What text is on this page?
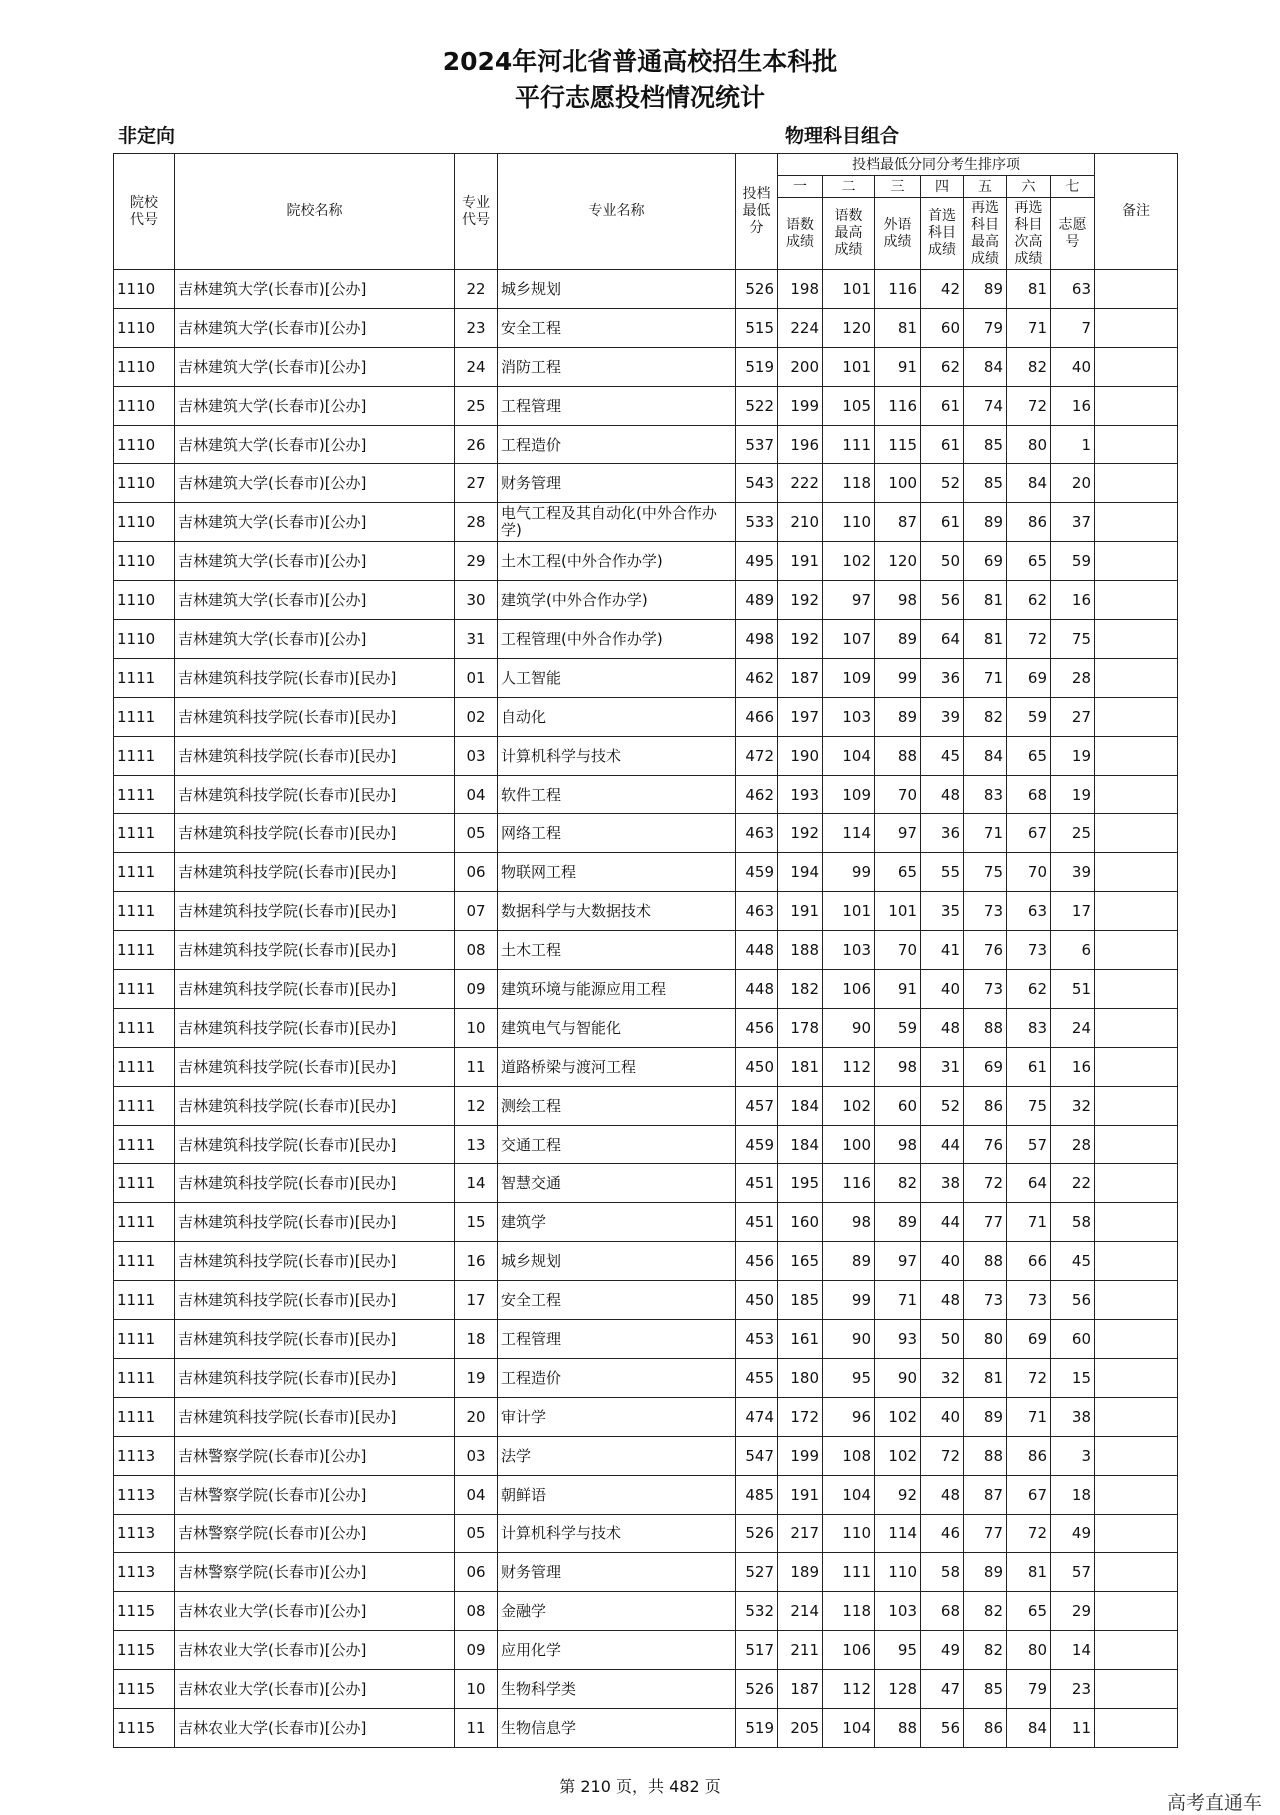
2024年河北省普通高校招生本科批
平行志愿投档情况统计
非定向	物理科目组合
院校代号	院校名称	专业代号	专业名称	投档最低分	投档最低分同分考生排序项							备注
					一	二	三	四	五	六	七	
					语数成绩	语数最高成绩	外语成绩	首选科目成绩	再选科目最高成绩	再选科目次高成绩	志愿号	
1110	吉林建筑大学(长春市)[公办]	22	城乡规划	526	198	101	116	42	89	81	63	
1110	吉林建筑大学(长春市)[公办]	23	安全工程	515	224	120	81	60	79	71	7	
1110	吉林建筑大学(长春市)[公办]	24	消防工程	519	200	101	91	62	84	82	40	
1110	吉林建筑大学(长春市)[公办]	25	工程管理	522	199	105	116	61	74	72	16	
1110	吉林建筑大学(长春市)[公办]	26	工程造价	537	196	111	115	61	85	80	1	
1110	吉林建筑大学(长春市)[公办]	27	财务管理	543	222	118	100	52	85	84	20	
1110	吉林建筑大学(长春市)[公办]	28	电气工程及其自动化(中外合作办学)	533	210	110	87	61	89	86	37	
1110	吉林建筑大学(长春市)[公办]	29	土木工程(中外合作办学)	495	191	102	120	50	69	65	59	
1110	吉林建筑大学(长春市)[公办]	30	建筑学(中外合作办学)	489	192	97	98	56	81	62	16	
1110	吉林建筑大学(长春市)[公办]	31	工程管理(中外合作办学)	498	192	107	89	64	81	72	75	
1111	吉林建筑科技学院(长春市)[民办]	01	人工智能	462	187	109	99	36	71	69	28	
1111	吉林建筑科技学院(长春市)[民办]	02	自动化	466	197	103	89	39	82	59	27	
1111	吉林建筑科技学院(长春市)[民办]	03	计算机科学与技术	472	190	104	88	45	84	65	19	
1111	吉林建筑科技学院(长春市)[民办]	04	软件工程	462	193	109	70	48	83	68	19	
1111	吉林建筑科技学院(长春市)[民办]	05	网络工程	463	192	114	97	36	71	67	25	
1111	吉林建筑科技学院(长春市)[民办]	06	物联网工程	459	194	99	65	55	75	70	39	
1111	吉林建筑科技学院(长春市)[民办]	07	数据科学与大数据技术	463	191	101	101	35	73	63	17	
1111	吉林建筑科技学院(长春市)[民办]	08	土木工程	448	188	103	70	41	76	73	6	
1111	吉林建筑科技学院(长春市)[民办]	09	建筑环境与能源应用工程	448	182	106	91	40	73	62	51	
1111	吉林建筑科技学院(长春市)[民办]	10	建筑电气与智能化	456	178	90	59	48	88	83	24	
1111	吉林建筑科技学院(长春市)[民办]	11	道路桥梁与渡河工程	450	181	112	98	31	69	61	16	
1111	吉林建筑科技学院(长春市)[民办]	12	测绘工程	457	184	102	60	52	86	75	32	
1111	吉林建筑科技学院(长春市)[民办]	13	交通工程	459	184	100	98	44	76	57	28	
1111	吉林建筑科技学院(长春市)[民办]	14	智慧交通	451	195	116	82	38	72	64	22	
1111	吉林建筑科技学院(长春市)[民办]	15	建筑学	451	160	98	89	44	77	71	58	
1111	吉林建筑科技学院(长春市)[民办]	16	城乡规划	456	165	89	97	40	88	66	45	
1111	吉林建筑科技学院(长春市)[民办]	17	安全工程	450	185	99	71	48	73	73	56	
1111	吉林建筑科技学院(长春市)[民办]	18	工程管理	453	161	90	93	50	80	69	60	
1111	吉林建筑科技学院(长春市)[民办]	19	工程造价	455	180	95	90	32	81	72	15	
1111	吉林建筑科技学院(长春市)[民办]	20	审计学	474	172	96	102	40	89	71	38	
1113	吉林警察学院(长春市)[公办]	03	法学	547	199	108	102	72	88	86	3	
1113	吉林警察学院(长春市)[公办]	04	朝鲜语	485	191	104	92	48	87	67	18	
1113	吉林警察学院(长春市)[公办]	05	计算机科学与技术	526	217	110	114	46	77	72	49	
1113	吉林警察学院(长春市)[公办]	06	财务管理	527	189	111	110	58	89	81	57	
1115	吉林农业大学(长春市)[公办]	08	金融学	532	214	118	103	68	82	65	29	
1115	吉林农业大学(长春市)[公办]	09	应用化学	517	211	106	95	49	82	80	14	
1115	吉林农业大学(长春市)[公办]	10	生物科学类	526	187	112	128	47	85	79	23	
1115	吉林农业大学(长春市)[公办]	11	生物信息学	519	205	104	88	56	86	84	11	
第 210 页，共 482 页
高考直通车
